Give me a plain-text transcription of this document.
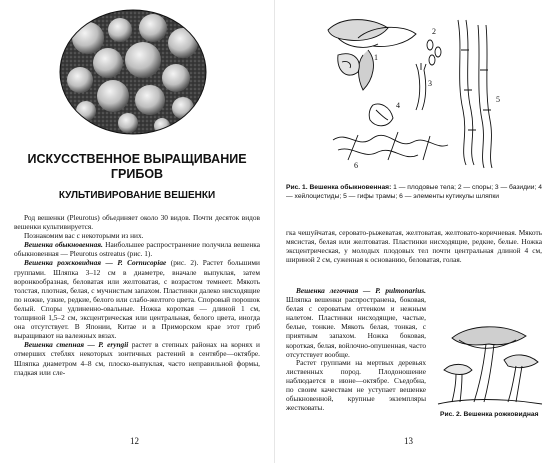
ИСКУССТВЕННОЕ ВЫРАЩИВАНИЕ ГРИБОВ
КУЛЬТИВИРОВАНИЕ ВЕШЕНКИ

Род вешенки (Pleurotus) объединяет около 30 видов. Почти десяток видов вешенки культивируется.

Познакомим вас с некоторыми из них.

Вешенка обыкновенная. Наибольшее распространение получила вешенка обыкновенная — Pleurotus ostreatus (рис. 1).

Вешенка рожковидная — P. Cornucopiae (рис. 2). Растет большими группами. Шляпка 3–12 см в диаметре, вначале выпуклая, затем воронкообразная, беловатая или желтоватая, с возрастом темнеет. Мякоть толстая, плотная, белая, с мучнистым запахом. Пластинки далеко нисходящие по ножке, узкие, редкие, белого или слабо-желтого цвета. Споровый порошок белый. Споры удлиненно-овальные. Ножка короткая — длиной 1 см, толщиной 1,5–2 см, эксцентрическая или центральная, белого цвета, иногда она отсутствует. В Японии, Китае и в Приморском крае этот гриб выращивают на валежных вязах.

Вешенка степная — P. eryngii растет в степных районах на корнях и отмерших стеблях некоторых зонтичных растений в сентябре—октябре. Шляпка диаметром 4–8 см, плоско-выпуклая, часто неправильной формы, гладкая или сле-

12
1
2
3
4
5
6

Рис. 1. Вешенка обыкновенная: 1 — плодовые тела; 2 — споры; 3 — базидии; 4 — хейлоцистиды; 5 — гифы трамы; 6 — элементы кутикулы шляпки

гка чешуйчатая, серовато-рыжеватая, желтоватая, желтовато-коричневая. Мякоть мясистая, белая или желтоватая. Пластинки нисходящие, редкие, белые. Ножка эксцентрическая, у молодых плодовых тел почти центральная длиной 4 см, шириной 2 см, суженная к основанию, беловатая, голая.

Вешенка легочная — P. pulmonarius. Шляпка вешенки распространена, боковая, белая с сероватым оттенком и нежным налетом. Пластинки нисходящие, частые, белые, тонкие. Мякоть белая, тонкая, с приятным запахом. Ножка боковая, короткая, белая, войлочно-опушенная, часто отсутствует вообще.

Растет группами на мертвых деревьях лиственных пород. Плодоношение наблюдается в июне—октябре. Съедобна, по своим качествам не уступает вешенке обыкновенной, крупные экземпляры жестковаты.

Рис. 2. Вешенка рожковидная

13
